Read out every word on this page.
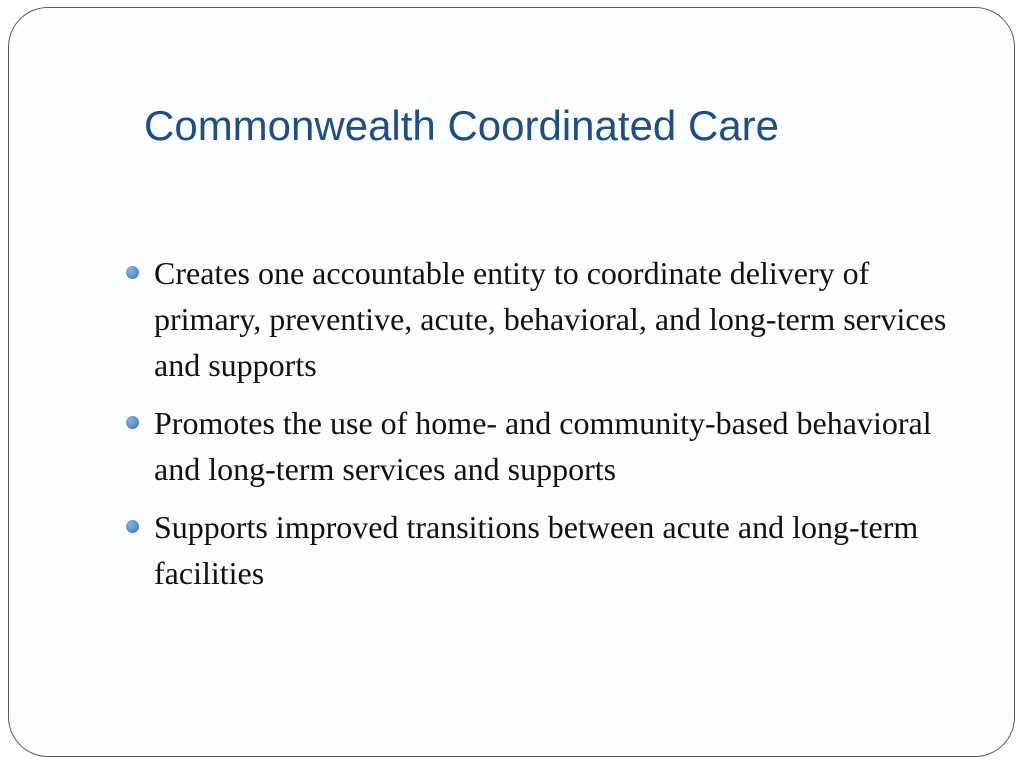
Commonwealth Coordinated Care
Creates one accountable entity to coordinate delivery of primary, preventive, acute, behavioral, and long-term services and supports
Promotes the use of home- and community-based behavioral and long-term services and supports
Supports improved transitions between acute and long-term facilities
